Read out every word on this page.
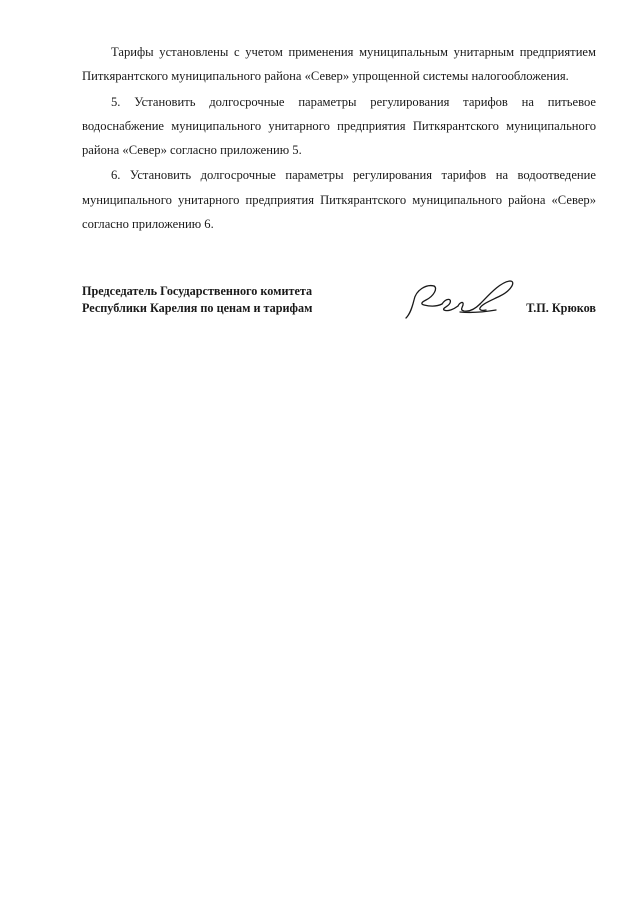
Тарифы установлены с учетом применения муниципальным унитарным предприятием Питкярантского муниципального района «Север» упрощенной системы налогообложения.

5. Установить долгосрочные параметры регулирования тарифов на питьевое водоснабжение муниципального унитарного предприятия Питкярантского муниципального района «Север» согласно приложению 5.

6. Установить долгосрочные параметры регулирования тарифов на водоотведение муниципального унитарного предприятия Питкярантского муниципального района «Север» согласно приложению 6.

Председатель Государственного комитета
Республики Карелия по ценам и тарифам	Т.П. Крюков
